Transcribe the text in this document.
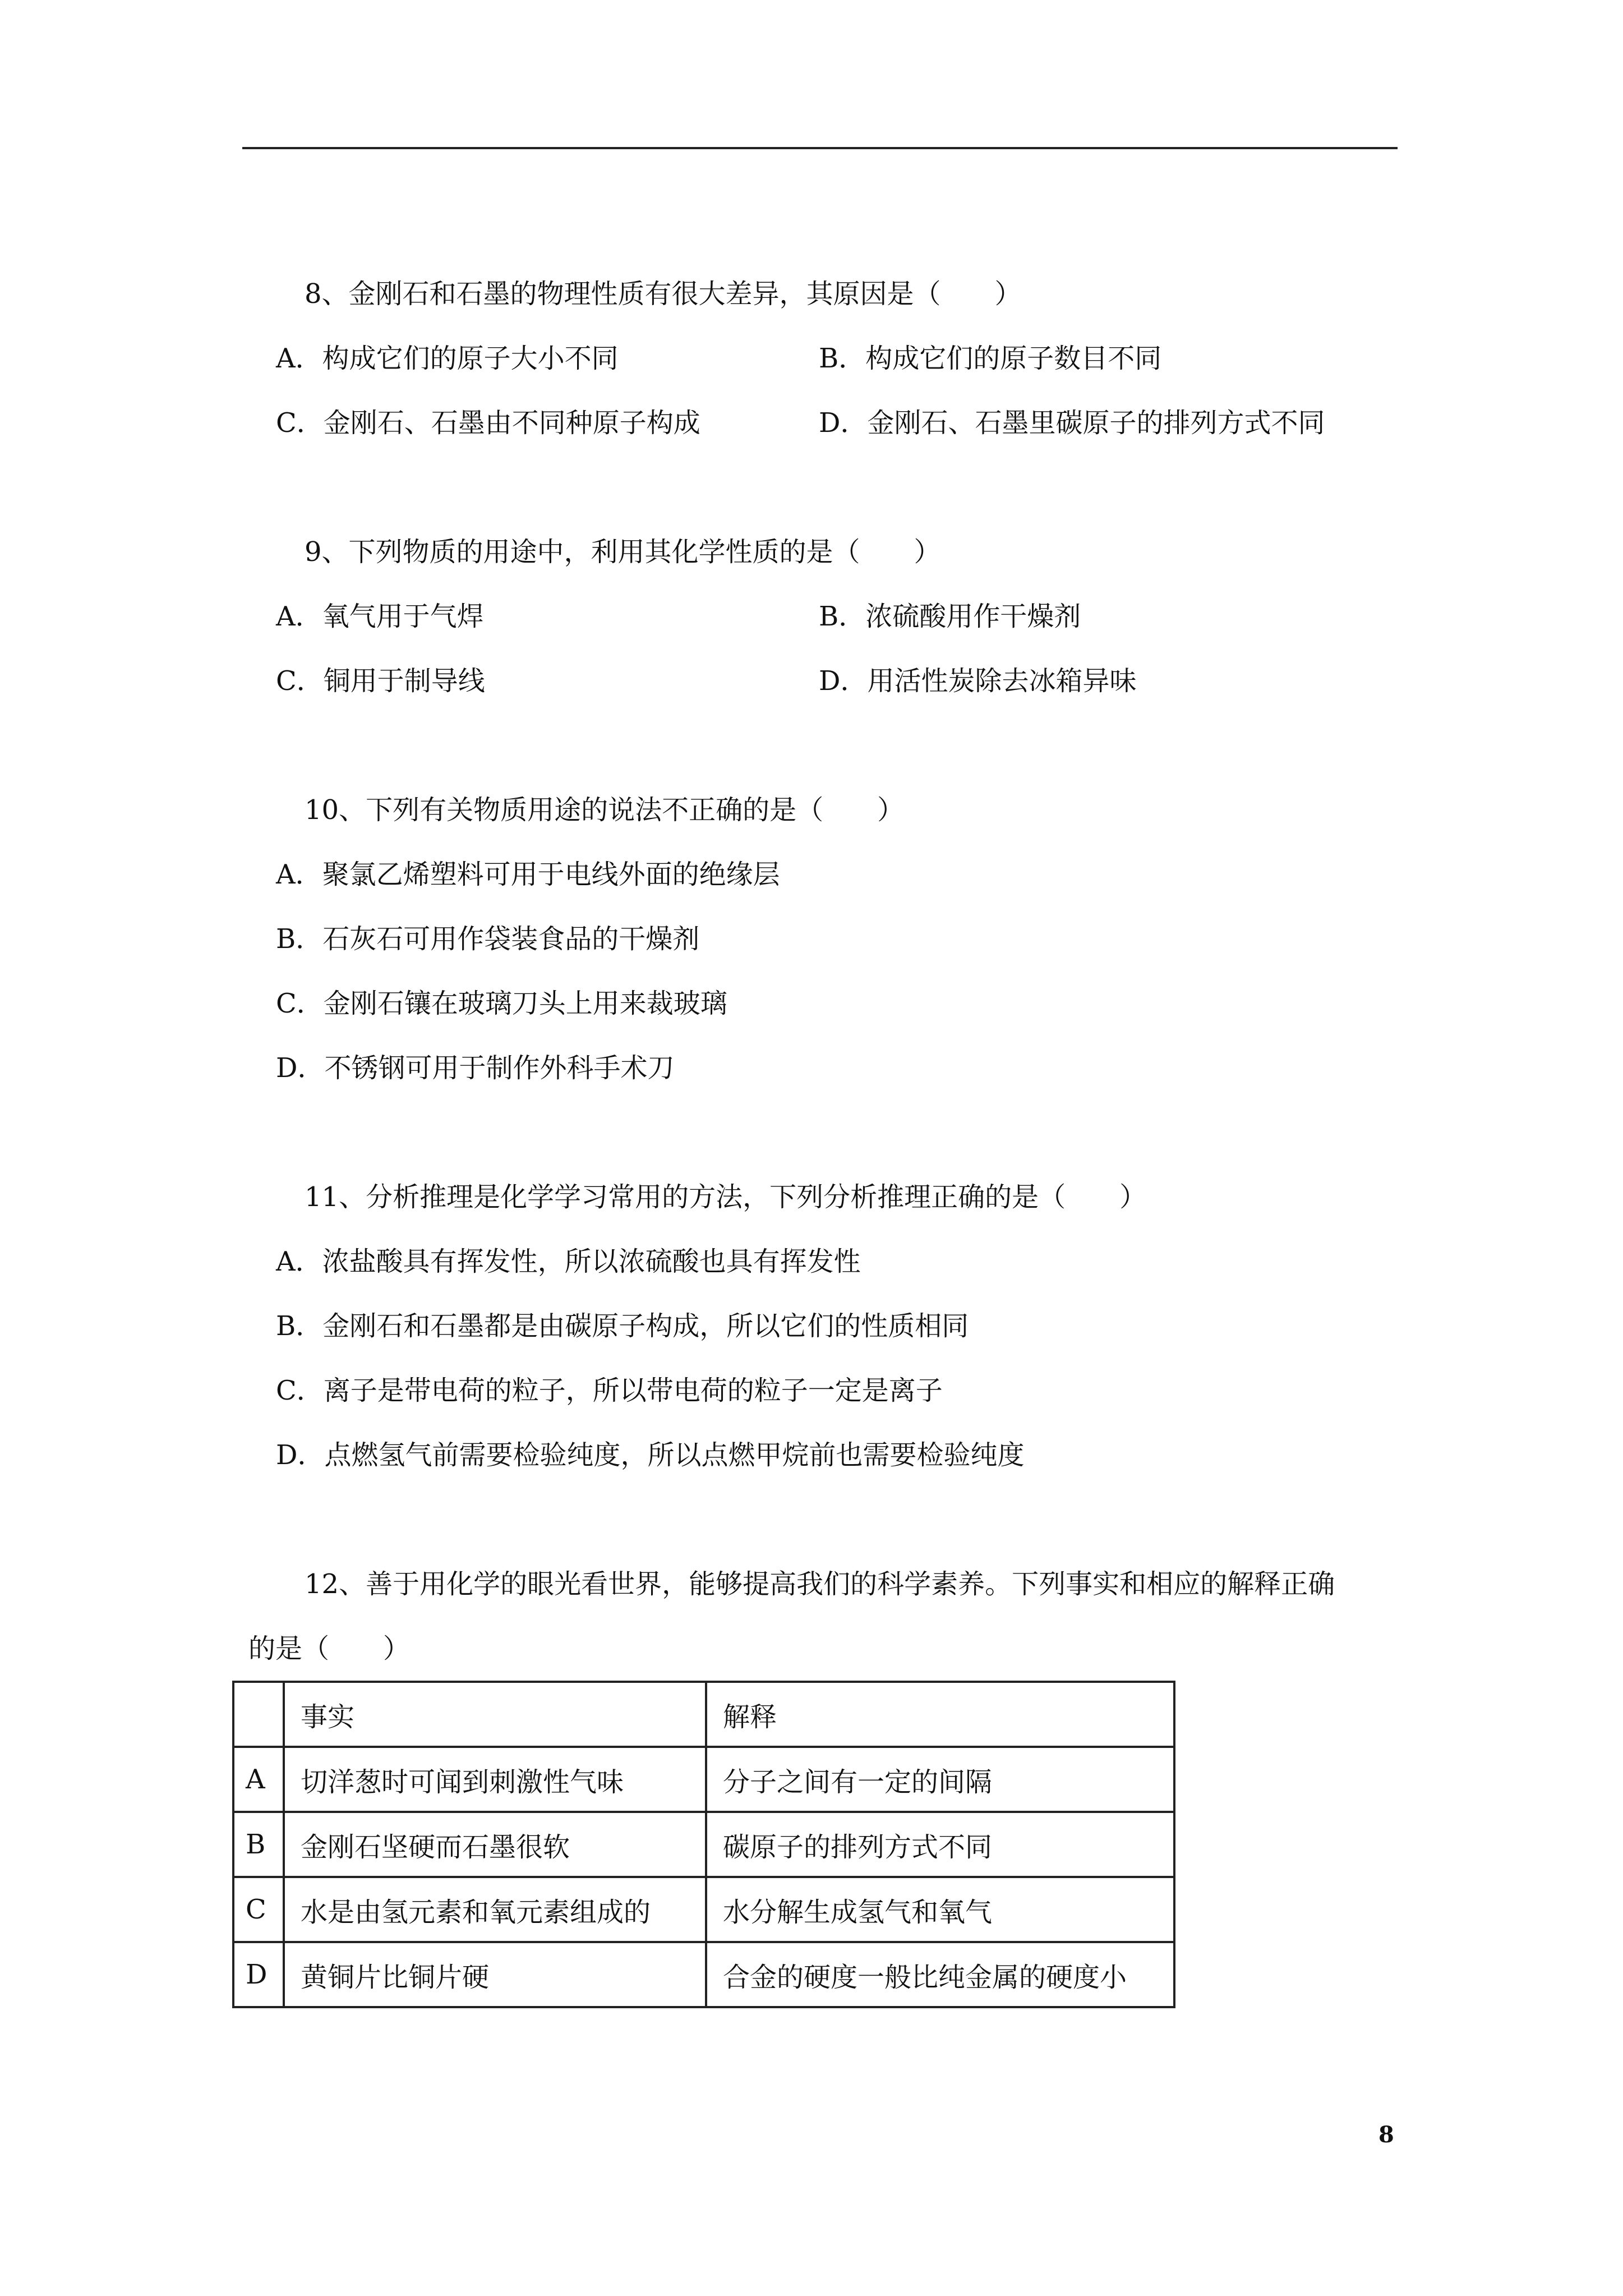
8、金刚石和石墨的物理性质有很大差异，其原因是（　　）
A．构成它们的原子大小不同	B．构成它们的原子数目不同
C．金刚石、石墨由不同种原子构成	D．金刚石、石墨里碳原子的排列方式不同
9、下列物质的用途中，利用其化学性质的是（　　）
A．氧气用于气焊	B．浓硫酸用作干燥剂
C．铜用于制导线	D．用活性炭除去冰箱异味
10、下列有关物质用途的说法不正确的是（　　）
A．聚氯乙烯塑料可用于电线外面的绝缘层
B．石灰石可用作袋装食品的干燥剂
C．金刚石镶在玻璃刀头上用来裁玻璃
D．不锈钢可用于制作外科手术刀
11、分析推理是化学学习常用的方法，下列分析推理正确的是（　　）
A．浓盐酸具有挥发性，所以浓硫酸也具有挥发性
B．金刚石和石墨都是由碳原子构成，所以它们的性质相同
C．离子是带电荷的粒子，所以带电荷的粒子一定是离子
D．点燃氢气前需要检验纯度，所以点燃甲烷前也需要检验纯度
12、善于用化学的眼光看世界，能够提高我们的科学素养。下列事实和相应的解释正确
的是（　　）
	事实	解释
A	切洋葱时可闻到刺激性气味	分子之间有一定的间隔
B	金刚石坚硬而石墨很软	碳原子的排列方式不同
C	水是由氢元素和氧元素组成的	水分解生成氢气和氧气
D	黄铜片比铜片硬	合金的硬度一般比纯金属的硬度小
8
